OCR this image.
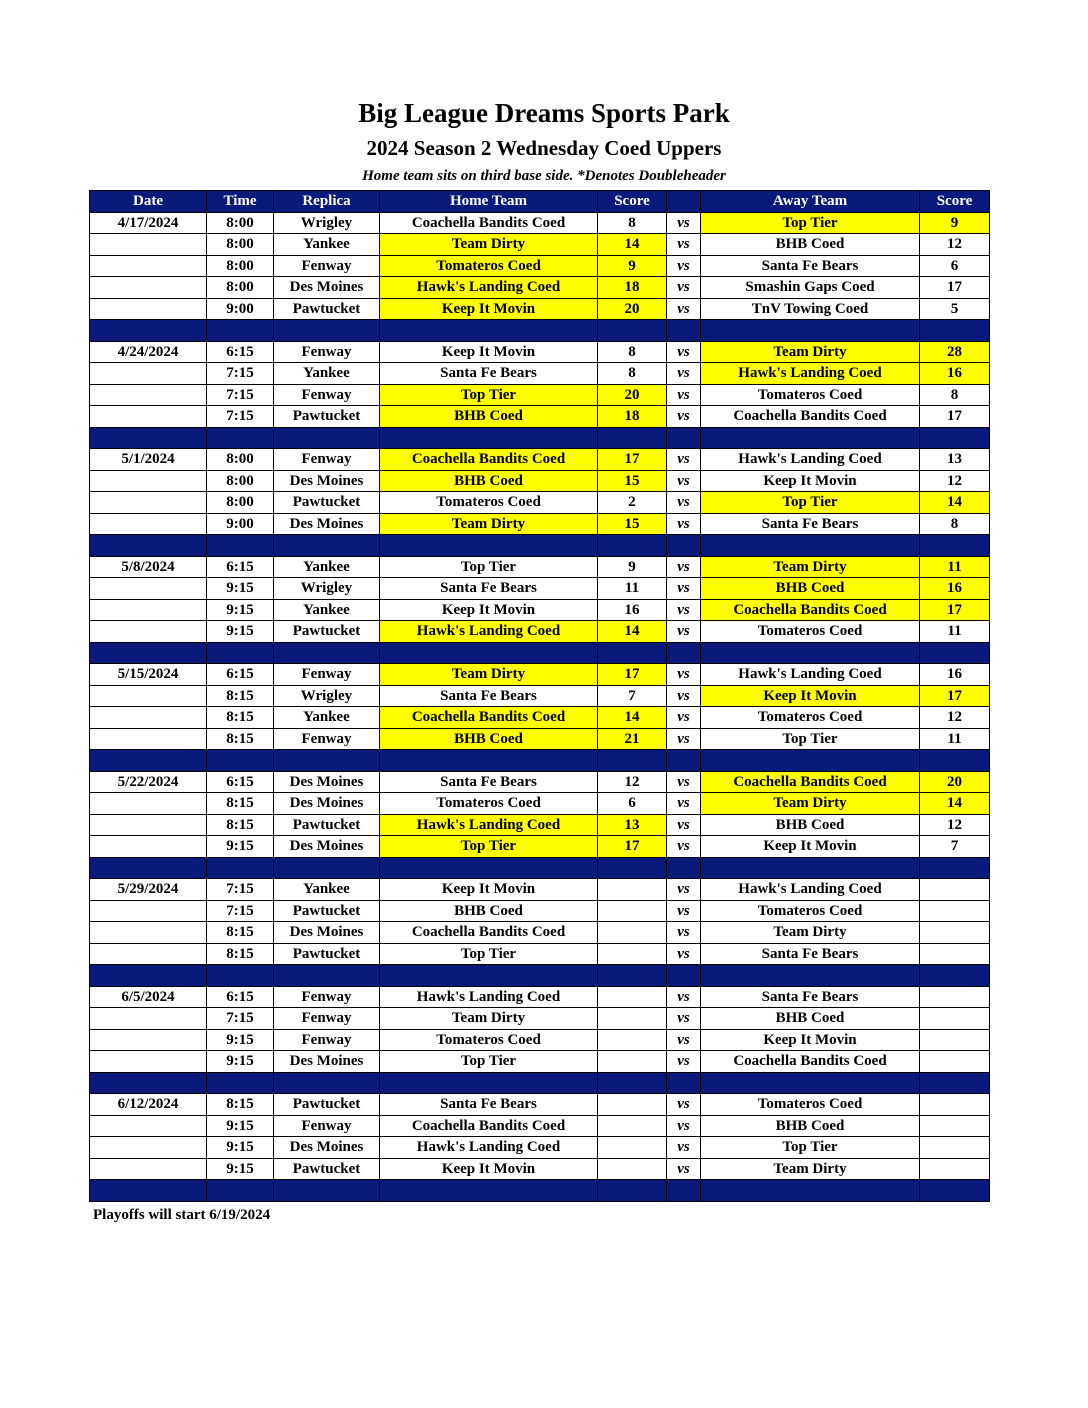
Big League Dreams Sports Park
2024 Season 2 Wednesday Coed Uppers
Home team sits on third base side. *Denotes Doubleheader
Date	Time	Replica	Home Team	Score		Away Team	Score
4/17/2024	8:00	Wrigley	Coachella Bandits Coed	8	vs	Top Tier	9
	8:00	Yankee	Team Dirty	14	vs	BHB Coed	12
	8:00	Fenway	Tomateros Coed	9	vs	Santa Fe Bears	6
	8:00	Des Moines	Hawk's Landing Coed	18	vs	Smashin Gaps Coed	17
	9:00	Pawtucket	Keep It Movin	20	vs	TnV Towing Coed	5

4/24/2024	6:15	Fenway	Keep It Movin	8	vs	Team Dirty	28
	7:15	Yankee	Santa Fe Bears	8	vs	Hawk's Landing Coed	16
	7:15	Fenway	Top Tier	20	vs	Tomateros Coed	8
	7:15	Pawtucket	BHB Coed	18	vs	Coachella Bandits Coed	17

5/1/2024	8:00	Fenway	Coachella Bandits Coed	17	vs	Hawk's Landing Coed	13
	8:00	Des Moines	BHB Coed	15	vs	Keep It Movin	12
	8:00	Pawtucket	Tomateros Coed	2	vs	Top Tier	14
	9:00	Des Moines	Team Dirty	15	vs	Santa Fe Bears	8

5/8/2024	6:15	Yankee	Top Tier	9	vs	Team Dirty	11
	9:15	Wrigley	Santa Fe Bears	11	vs	BHB Coed	16
	9:15	Yankee	Keep It Movin	16	vs	Coachella Bandits Coed	17
	9:15	Pawtucket	Hawk's Landing Coed	14	vs	Tomateros Coed	11

5/15/2024	6:15	Fenway	Team Dirty	17	vs	Hawk's Landing Coed	16
	8:15	Wrigley	Santa Fe Bears	7	vs	Keep It Movin	17
	8:15	Yankee	Coachella Bandits Coed	14	vs	Tomateros Coed	12
	8:15	Fenway	BHB Coed	21	vs	Top Tier	11

5/22/2024	6:15	Des Moines	Santa Fe Bears	12	vs	Coachella Bandits Coed	20
	8:15	Des Moines	Tomateros Coed	6	vs	Team Dirty	14
	8:15	Pawtucket	Hawk's Landing Coed	13	vs	BHB Coed	12
	9:15	Des Moines	Top Tier	17	vs	Keep It Movin	7

5/29/2024	7:15	Yankee	Keep It Movin		vs	Hawk's Landing Coed	
	7:15	Pawtucket	BHB Coed		vs	Tomateros Coed	
	8:15	Des Moines	Coachella Bandits Coed		vs	Team Dirty	
	8:15	Pawtucket	Top Tier		vs	Santa Fe Bears	

6/5/2024	6:15	Fenway	Hawk's Landing Coed		vs	Santa Fe Bears	
	7:15	Fenway	Team Dirty		vs	BHB Coed	
	9:15	Fenway	Tomateros Coed		vs	Keep It Movin	
	9:15	Des Moines	Top Tier		vs	Coachella Bandits Coed	

6/12/2024	8:15	Pawtucket	Santa Fe Bears		vs	Tomateros Coed	
	9:15	Fenway	Coachella Bandits Coed		vs	BHB Coed	
	9:15	Des Moines	Hawk's Landing Coed		vs	Top Tier	
	9:15	Pawtucket	Keep It Movin		vs	Team Dirty	

Playoffs will start 6/19/2024
